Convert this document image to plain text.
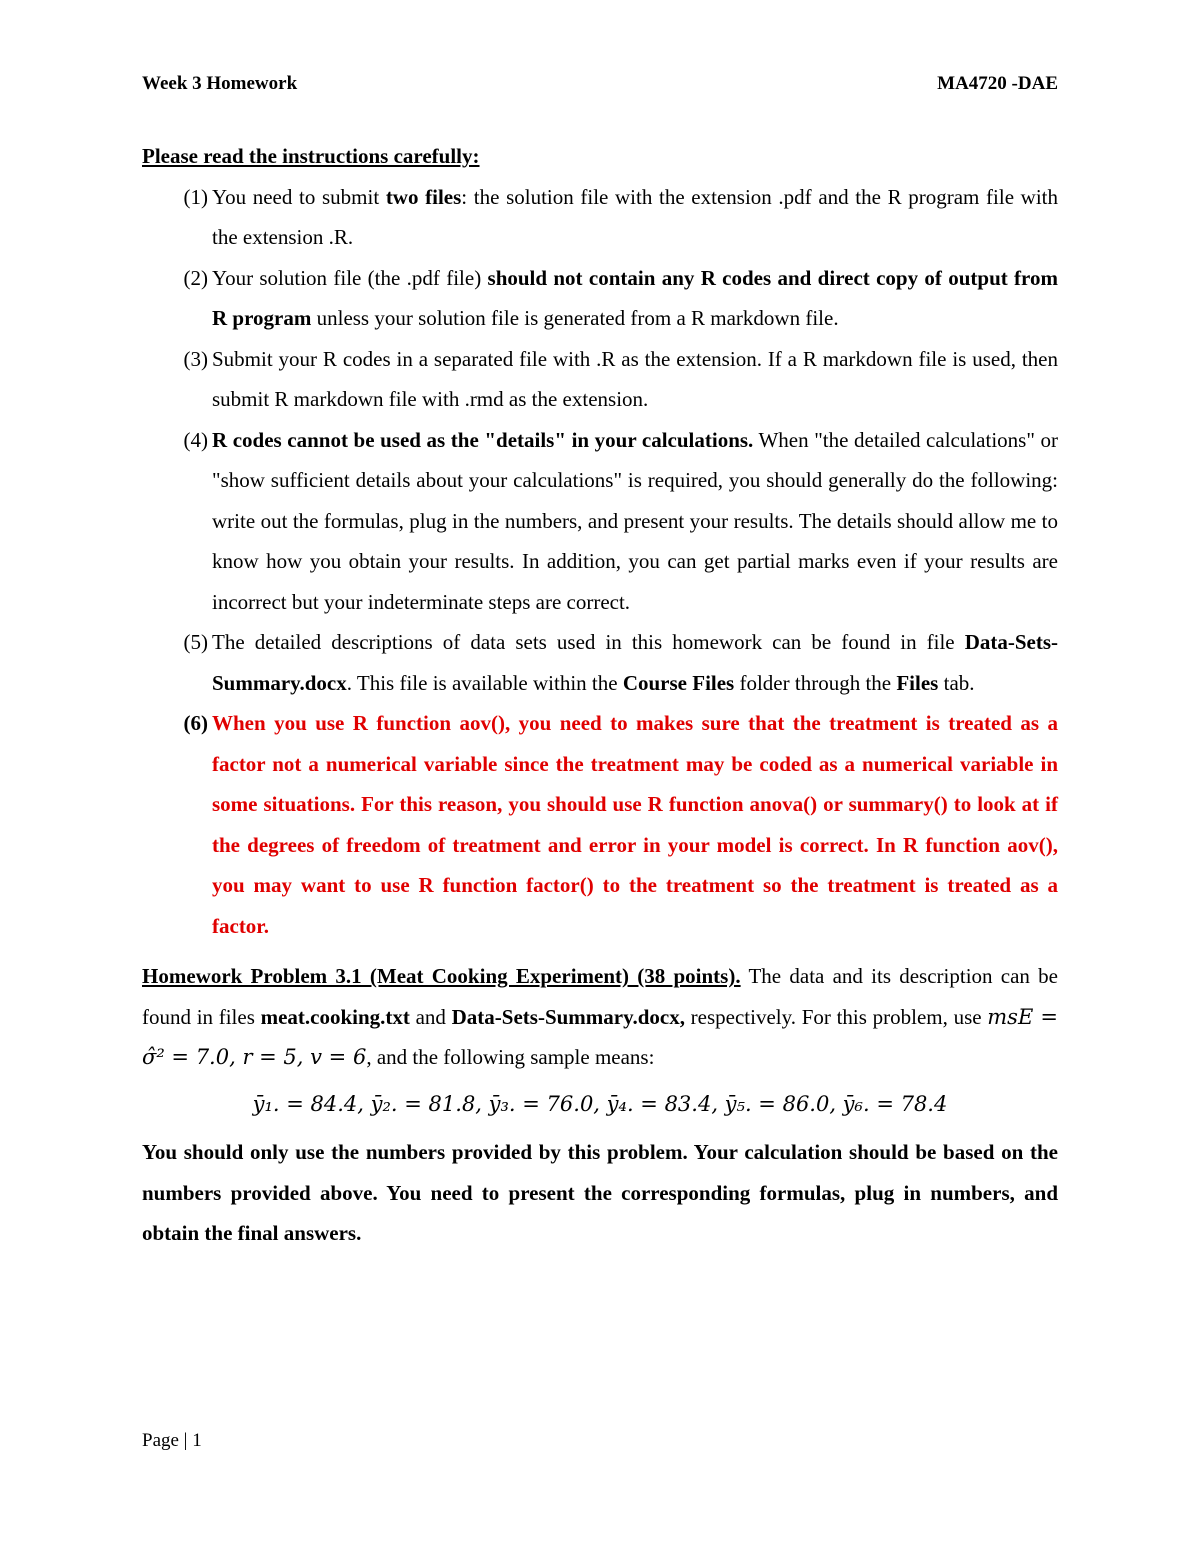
Week 3 Homework	MA4720 -DAE
Please read the instructions carefully:
(1) You need to submit two files: the solution file with the extension .pdf and the R program file with the extension .R.
(2) Your solution file (the .pdf file) should not contain any R codes and direct copy of output from R program unless your solution file is generated from a R markdown file.
(3) Submit your R codes in a separated file with .R as the extension. If a R markdown file is used, then submit R markdown file with .rmd as the extension.
(4) R codes cannot be used as the "details" in your calculations. When "the detailed calculations" or "show sufficient details about your calculations" is required, you should generally do the following: write out the formulas, plug in the numbers, and present your results. The details should allow me to know how you obtain your results. In addition, you can get partial marks even if your results are incorrect but your indeterminate steps are correct.
(5) The detailed descriptions of data sets used in this homework can be found in file Data-Sets-Summary.docx. This file is available within the Course Files folder through the Files tab.
(6) When you use R function aov(), you need to makes sure that the treatment is treated as a factor not a numerical variable since the treatment may be coded as a numerical variable in some situations. For this reason, you should use R function anova() or summary() to look at if the degrees of freedom of treatment and error in your model is correct. In R function aov(), you may want to use R function factor() to the treatment so the treatment is treated as a factor.
Homework Problem 3.1 (Meat Cooking Experiment) (38 points). The data and its description can be found in files meat.cooking.txt and Data-Sets-Summary.docx, respectively. For this problem, use msE = σ̂² = 7.0, r = 5, v = 6, and the following sample means:
ȳ₁. = 84.4, ȳ₂. = 81.8, ȳ₃. = 76.0, ȳ₄. = 83.4, ȳ₅. = 86.0, ȳ₆. = 78.4
You should only use the numbers provided by this problem. Your calculation should be based on the numbers provided above. You need to present the corresponding formulas, plug in numbers, and obtain the final answers.
Page | 1
